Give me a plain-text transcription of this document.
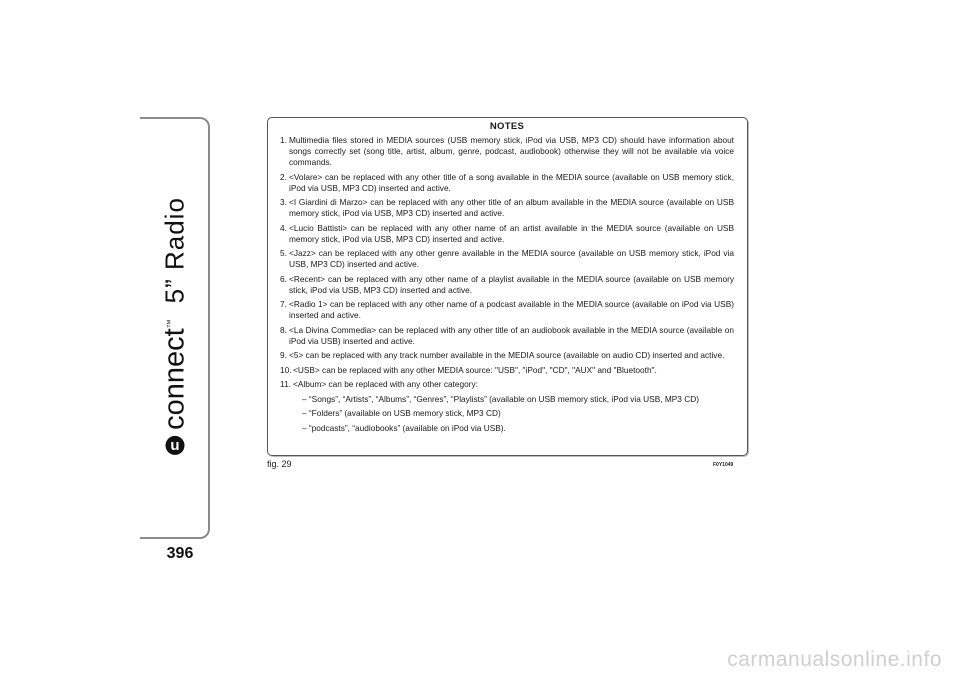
u
connect™
5” Radio
396
NOTES
1. Multimedia files stored in MEDIA sources (USB memory stick, iPod via USB, MP3 CD) should have information about songs correctly set (song title, artist, album, genre, podcast, audiobook) otherwise they will not be available via voice commands.
2. <Volare> can be replaced with any other title of a song available in the MEDIA source (available on USB memory stick, iPod via USB, MP3 CD) inserted and active.
3. <I Giardini di Marzo> can be replaced with any other title of an album available in the MEDIA source (available on USB memory stick, iPod via USB, MP3 CD) inserted and active.
4. <Lucio Battisti> can be replaced with any other name of an artist available in the MEDIA source (available on USB memory stick, iPod via USB, MP3 CD) inserted and active.
5. <Jazz> can be replaced with any other genre available in the MEDIA source (available on USB memory stick, iPod via USB, MP3 CD) inserted and active.
6. <Recent> can be replaced with any other name of a playlist available in the MEDIA source (available on USB memory stick, iPod via USB, MP3 CD) inserted and active.
7. <Radio 1> can be replaced with any other name of a podcast available in the MEDIA source (available on iPod via USB) inserted and active.
8. <La Divina Commedia> can be replaced with any other title of an audiobook available in the MEDIA source (available on iPod via USB) inserted and active.
9. <5> can be replaced with any track number available in the MEDIA source (available on audio CD) inserted and active.
10. <USB> can be replaced with any other MEDIA source: "USB", "iPod", "CD", "AUX" and "Bluetooth".
11. <Album> can be replaced with any other category:
– “Songs”, “Artists”, “Albums”, “Genres”, “Playlists” (available on USB memory stick, iPod via USB, MP3 CD)
– “Folders” (available on USB memory stick, MP3 CD)
– “podcasts”, “audiobooks” (available on iPod via USB).
fig. 29	F0Y1049
carmanualsonline.info
